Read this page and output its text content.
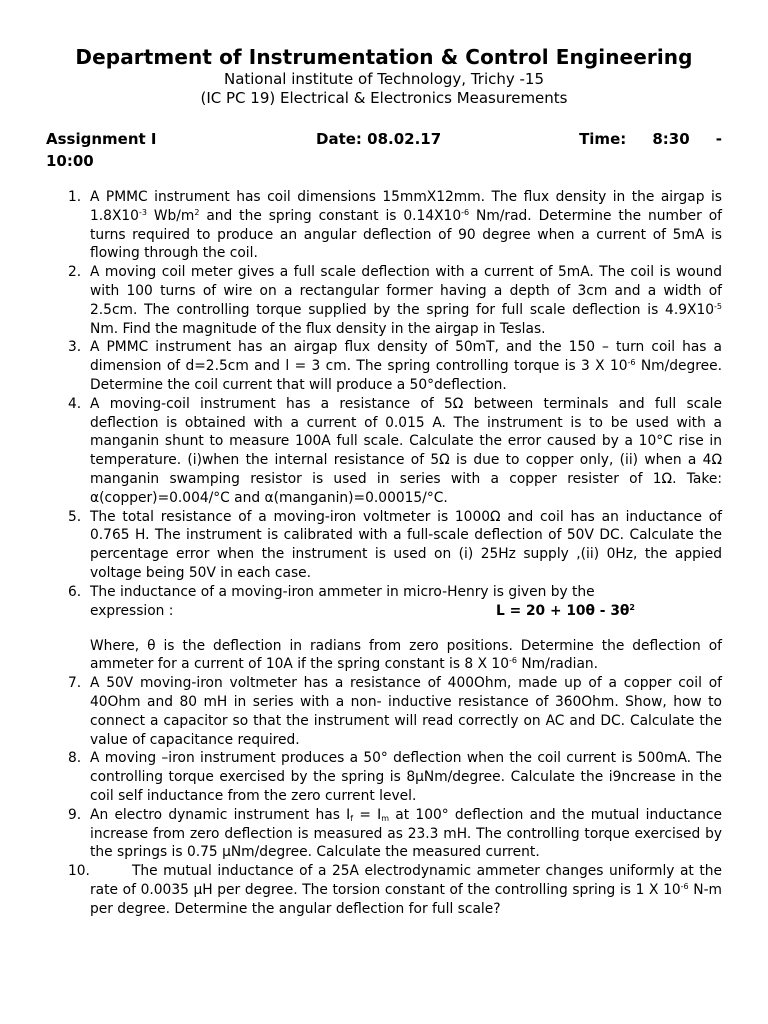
Department of Instrumentation & Control Engineering
National institute of Technology, Trichy -15
(IC PC 19) Electrical & Electronics Measurements
Assignment I	Date: 08.02.17	Time:     8:30     -
10:00
1. A PMMC instrument has coil dimensions 15mmX12mm. The flux density in the airgap is $1.8X10^{-3}$ $Wb/m^2$ and the spring constant is $0.14X10^{-6}$ Nm/rad. Determine the number of turns required to produce an angular deflection of 90 degree when a current of 5mA is flowing through the coil.
2. A moving coil meter gives a full scale deflection with a current of 5mA. The coil is wound with 100 turns of wire on a rectangular former having a depth of 3cm and a width of 2.5cm. The controlling torque supplied by the spring for full scale deflection is $4.9X10^{-5}$ Nm. Find the magnitude of the flux density in the airgap in Teslas.
3. A PMMC instrument has an airgap flux density of 50mT, and the 150 – turn coil has a dimension of d=2.5cm and l = 3 cm. The spring controlling torque is 3 X $10^{-6}$ Nm/degree. Determine the coil current that will produce a 50°deflection.
4. A moving-coil instrument has a resistance of 5Ω between terminals and full scale deflection is obtained with a current of 0.015 A. The instrument is to be used with a manganin shunt to measure 100A full scale. Calculate the error caused by a 10°C rise in temperature. (i)when the internal resistance of 5Ω is due to copper only, (ii) when a 4Ω manganin swamping resistor is used in series with a copper resister of 1Ω. Take: α(copper)=0.004/°C and α(manganin)=0.00015/°C.
5. The total resistance of a moving-iron voltmeter is 1000Ω and coil has an inductance of 0.765 H. The instrument is calibrated with a full-scale deflection of 50V DC. Calculate the percentage error when the instrument is used on (i) 25Hz supply ,(ii) 0Hz, the appied voltage being 50V in each case.
6. The inductance of a moving-iron ammeter in micro-Henry is given by the
expression :	$L = 20 + 10\theta - 3\theta^2$
Where, θ is the deflection in radians from zero positions. Determine the deflection of ammeter for a current of 10A if the spring constant is 8 X $10^{-6}$ Nm/radian.
7. A 50V moving-iron voltmeter has a resistance of 400Ohm, made up of a copper coil of 40Ohm and 80 mH in series with a non- inductive resistance of 360Ohm. Show, how to connect a capacitor so that the instrument will read correctly on AC and DC. Calculate the value of capacitance required.
8. A moving –iron instrument produces a 50° deflection when the coil current is 500mA. The controlling torque exercised by the spring is 8μNm/degree. Calculate the i9ncrease in the coil self inductance from the zero current level.
9. An electro dynamic instrument has $I_f = I_m$ at 100° deflection and the mutual inductance increase from zero deflection is measured as 23.3 mH. The controlling torque exercised by the springs is 0.75 μNm/degree. Calculate the measured current.
10.	The mutual inductance of a 25A electrodynamic ammeter changes uniformly at the rate of 0.0035 μH per degree. The torsion constant of the controlling spring is 1 X $10^{-6}$ N-m per degree. Determine the angular deflection for full scale?
